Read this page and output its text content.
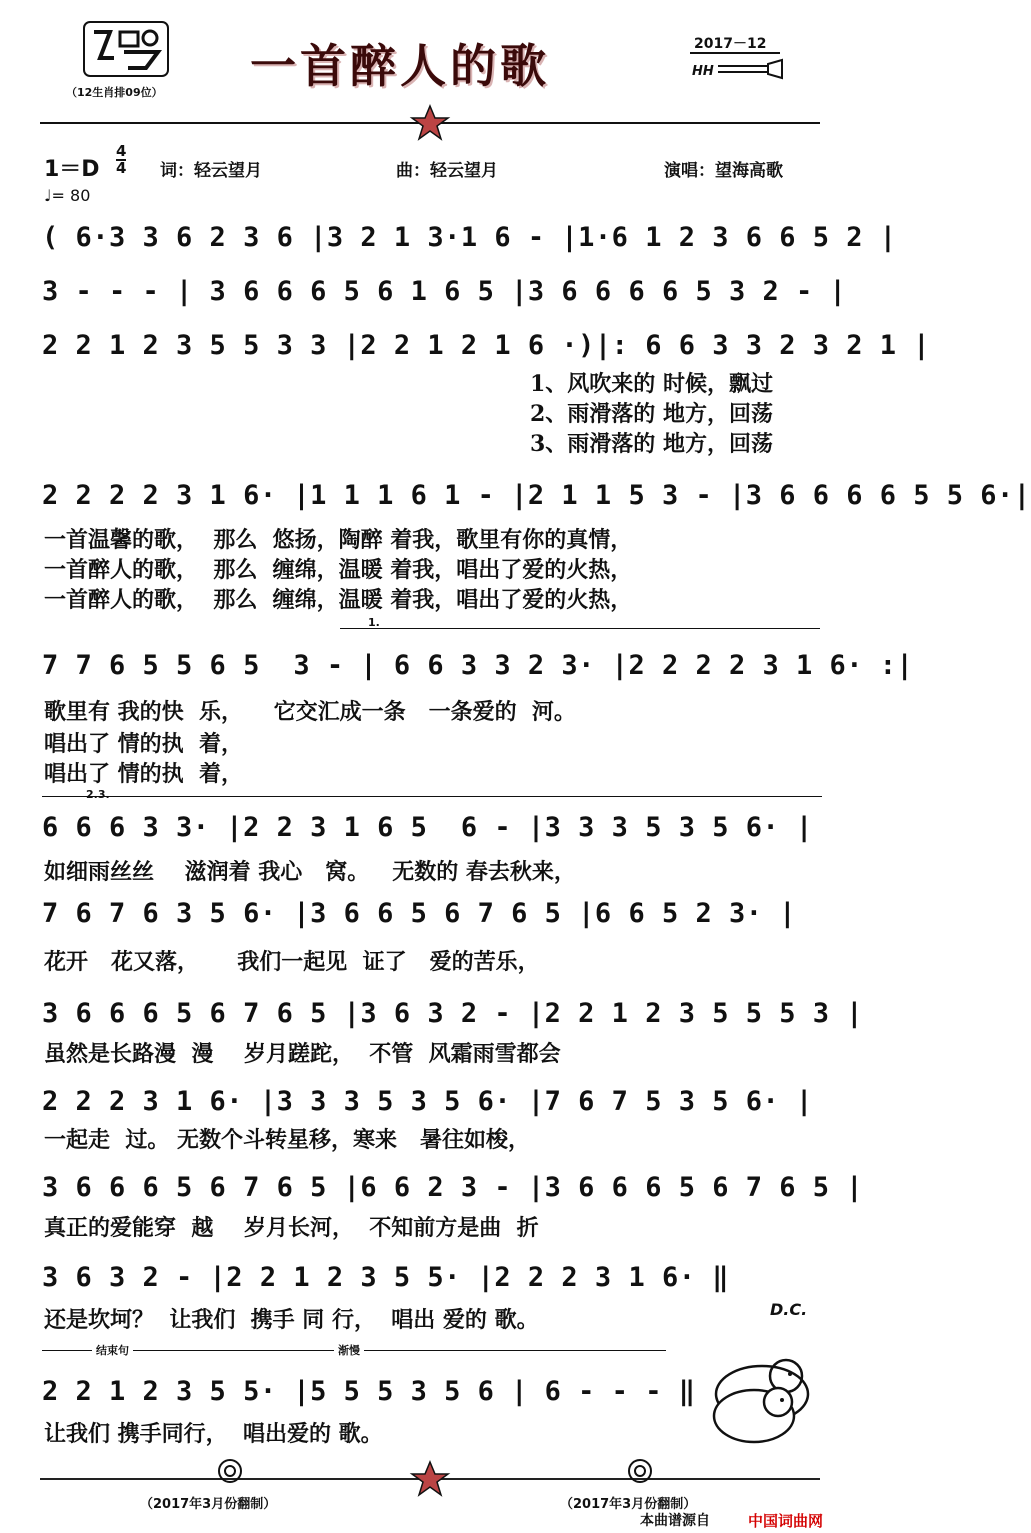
（12生肖排09位） 一首醉人的歌	2017－12
HH
1＝D
4
4 词：轻云望月	曲：轻云望月	演唱：望海高歌
♩= 80
( 6·3 3 6 2 3 6 |3 2 1 3·1 6 - |1·6 1 2 3 6 6 5 2 |
3 - - - | 3 6 6 6 5 6 1 6 5 |3 6 6 6 6 5 3 2 - |
2 2 1 2 3 5 5 3 3 |2 2 1 2 1 6 ·)|: 6 6 3 3 2 3 2 1 |
1、风吹来的 时候，飘过
2、雨滑落的 地方，回荡
3、雨滑落的 地方，回荡
2 2 2 2 3 1 6· |1 1 1 6 1 - |2 1 1 5 3 - |3 6 6 6 6 5 5 6·|
一首温馨的歌，  那么  悠扬，陶醉 着我，歌里有你的真情，
一首醉人的歌，  那么  缠绵，温暖 着我，唱出了爱的火热，
一首醉人的歌，  那么  缠绵，温暖 着我，唱出了爱的火热，
1.
7 7 6 5 5 6 5  3 - | 6 6 3 3 2 3· |2 2 2 2 3 1 6· :|
歌里有 我的快  乐，    它交汇成一条   一条爱的  河。
唱出了 情的执  着，
唱出了 情的执  着，
2.3.
6 6 6 3 3· |2 2 3 1 6 5  6 - |3 3 3 5 3 5 6· |
如细雨丝丝    滋润着 我心   窝。   无数的 春去秋来，
7 6 7 6 3 5 6· |3 6 6 5 6 7 6 5 |6 6 5 2 3· |
花开   花又落，     我们一起见  证了   爱的苦乐，
3 6 6 6 5 6 7 6 5 |3 6 3 2 - |2 2 1 2 3 5 5 5 3 |
虽然是长路漫  漫    岁月蹉跎，  不管  风霜雨雪都会
2 2 2 3 1 6· |3 3 3 5 3 5 6· |7 6 7 5 3 5 6· |
一起走  过。 无数个斗转星移，寒来   暑往如梭，
3 6 6 6 5 6 7 6 5 |6 6 2 3 - |3 6 6 6 5 6 7 6 5 |
真正的爱能穿  越    岁月长河，  不知前方是曲  折
3 6 3 2 - |2 2 1 2 3 5 5· |2 2 2 3 1 6· ‖
还是坎坷？  让我们  携手 同 行，  唱出 爱的 歌。	D.C.
结束句	渐慢
2 2 1 2 3 5 5· |5 5 5 3 5 6 | 6 - - - ‖
让我们 携手同行，  唱出爱的 歌。
（2017年3月份翻制）	（2017年3月份翻制）
本曲谱源自	中国词曲网
